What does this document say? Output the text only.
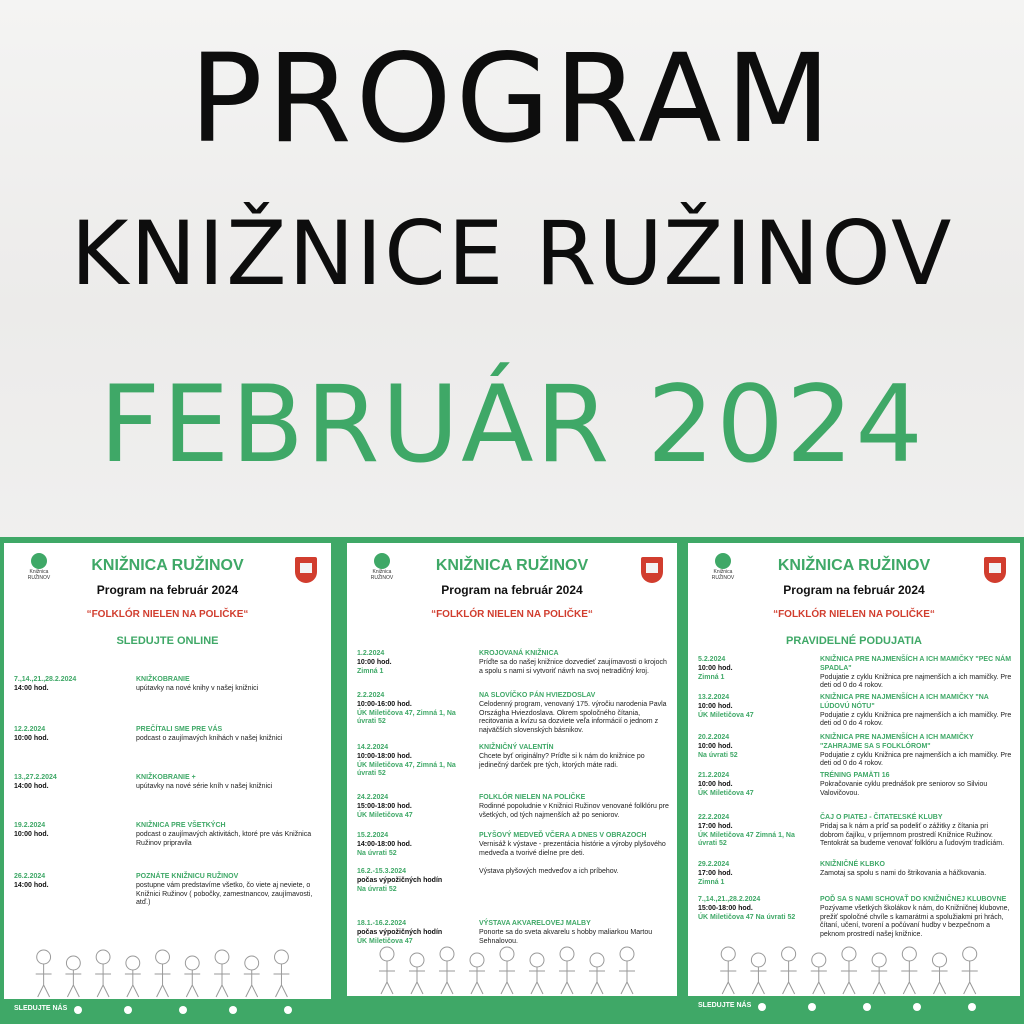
PROGRAM
KNIŽNICE RUŽINOV
FEBRUÁR 2024
Knižnica
RUŽINOV
KNIŽNICA RUŽINOV
Program na február 2024
“FOLKLÓR NIELEN NA POLIČKE“
SLEDUJTE ONLINE
7.,14.,21.,28.2.2024
14:00 hod.
KNIŽKOBRANIE
upútavky na nové knihy v našej knižnici
12.2.2024
10:00 hod.
PREČÍTALI SME PRE VÁS
podcast o zaujímavých knihách v našej knižnici
13.,27.2.2024
14:00 hod.
KNIŽKOBRANIE +
upútavky na nové série kníh v našej knižnici
19.2.2024
10:00 hod.
KNIŽNICA PRE VŠETKÝCH
podcast o zaujímavých aktivitách, ktoré pre vás Knižnica Ružinov pripravila
26.2.2024
14:00 hod.
POZNÁTE KNIŽNICU RUŽINOV
postupne vám predstavíme všetko, čo viete aj neviete, o Knižnici Ružinov ( pobočky, zamestnancov, zaujímavosti, atď.)
SLEDUJTE NÁS
Knižnica
RUŽINOV
KNIŽNICA RUŽINOV
Program na február 2024
“FOLKLÓR NIELEN NA POLIČKE“
1.2.2024
10:00 hod.
Zimná 1
KROJOVANÁ KNIŽNICA
Príďte sa do našej knižnice dozvedieť zaujímavosti o krojoch a spolu s nami si vytvoriť návrh na svoj netradičný kroj.
2.2.2024
10:00-16:00 hod.
ÚK Miletičova 47, Zimná 1, Na úvrati 52
NA SLOVÍČKO PÁN HVIEZDOSLAV
Celodenný program, venovaný 175. výročiu narodenia Pavla Országha Hviezdoslava. Okrem spoločného čítania, recitovania a kvízu sa dozviete veľa informácií o jednom z najväčších slovenských básnikov.
14.2.2024
10:00-18:00 hod.
ÚK Miletičova 47, Zimná 1, Na úvrati 52
KNIŽNIČNÝ VALENTÍN
Chcete byť originálny? Príďte si k nám do knižnice po jedinečný darček pre tých, ktorých máte radi.
24.2.2024
15:00-18:00 hod.
ÚK Miletičova 47
FOLKLÓR NIELEN NA POLIČKE
Rodinné popoludnie v Knižnici Ružinov venované folklóru pre všetkých, od tých najmenších až po seniorov.
15.2.2024
14:00-18:00 hod.
Na úvrati 52
PLYŠOVÝ MEDVEĎ VČERA A DNES V OBRAZOCH
Vernisáž k výstave - prezentácia histórie a výroby plyšového medveďa a tvorivé dielne pre deti.
16.2.-15.3.2024
počas výpožičných hodín
Na úvrati 52
Výstava plyšových medveďov a ich príbehov.
18.1.-16.2.2024
počas výpožičných hodín
ÚK Miletičova 47
VÝSTAVA AKVARELOVEJ MALBY
Ponorte sa do sveta akvarelu s hobby maliarkou Martou Sehnalovou.
Knižnica
RUŽINOV
KNIŽNICA RUŽINOV
Program na február 2024
“FOLKLÓR NIELEN NA POLIČKE“
PRAVIDELNÉ PODUJATIA
5.2.2024
10:00 hod.
Zimná 1
KNIŽNICA PRE NAJMENŠÍCH A ICH MAMIČKY "PEC NÁM SPADLA"
Podujatie z cyklu Knižnica pre najmenších a ich mamičky. Pre deti od 0 do 4 rokov.
13.2.2024
10:00 hod.
ÚK Miletičova 47
KNIŽNICA PRE NAJMENŠÍCH A ICH MAMIČKY "NA LÚDOVÚ NÓTU"
Podujatie z cyklu Knižnica pre najmenších a ich mamičky. Pre deti od 0 do 4 rokov.
20.2.2024
10:00 hod.
Na úvrati 52
KNIŽNICA PRE NAJMENŠÍCH A ICH MAMIČKY "ZAHRAJME SA S FOLKLÓROM"
Podujatie z cyklu Knižnica pre najmenších a ich mamičky. Pre deti od 0 do 4 rokov.
21.2.2024
10:00 hod.
ÚK Miletičova 47
TRÉNING PAMÄTI 16
Pokračovanie cyklu prednášok pre seniorov so Silviou Valovičovou.
22.2.2024
17:00 hod.
ÚK Miletičova 47 Zimná 1, Na úvrati 52
ČAJ O PIATEJ - ČITATEĽSKÉ KLUBY
Pridaj sa k nám a príď sa podeliť o zážitky z čítania pri dobrom čajíku, v príjemnom prostredí Knižnice Ružinov. Tentokrát sa budeme venovať folklóru a ľudovým tradíciám.
29.2.2024
17:00 hod.
Zimná 1
KNIŽNIČNÉ KLBKO
Zamotaj sa spolu s nami do štrikovania a háčkovania.
7.,14.,21.,28.2.2024
15:00-18:00 hod.
ÚK Miletičova 47 Na úvrati 52
POĎ SA S NAMI SCHOVAŤ DO KNIŽNIČNEJ KLUBOVNE
Pozývame všetkých školákov k nám, do Knižničnej klubovne, prežiť spoločné chvíle s kamarátmi a spolužiakmi pri hrách, čítaní, učení, tvorení a počúvaní hudby v bezpečnom a peknom prostredí našej knižnice.
SLEDUJTE NÁS
